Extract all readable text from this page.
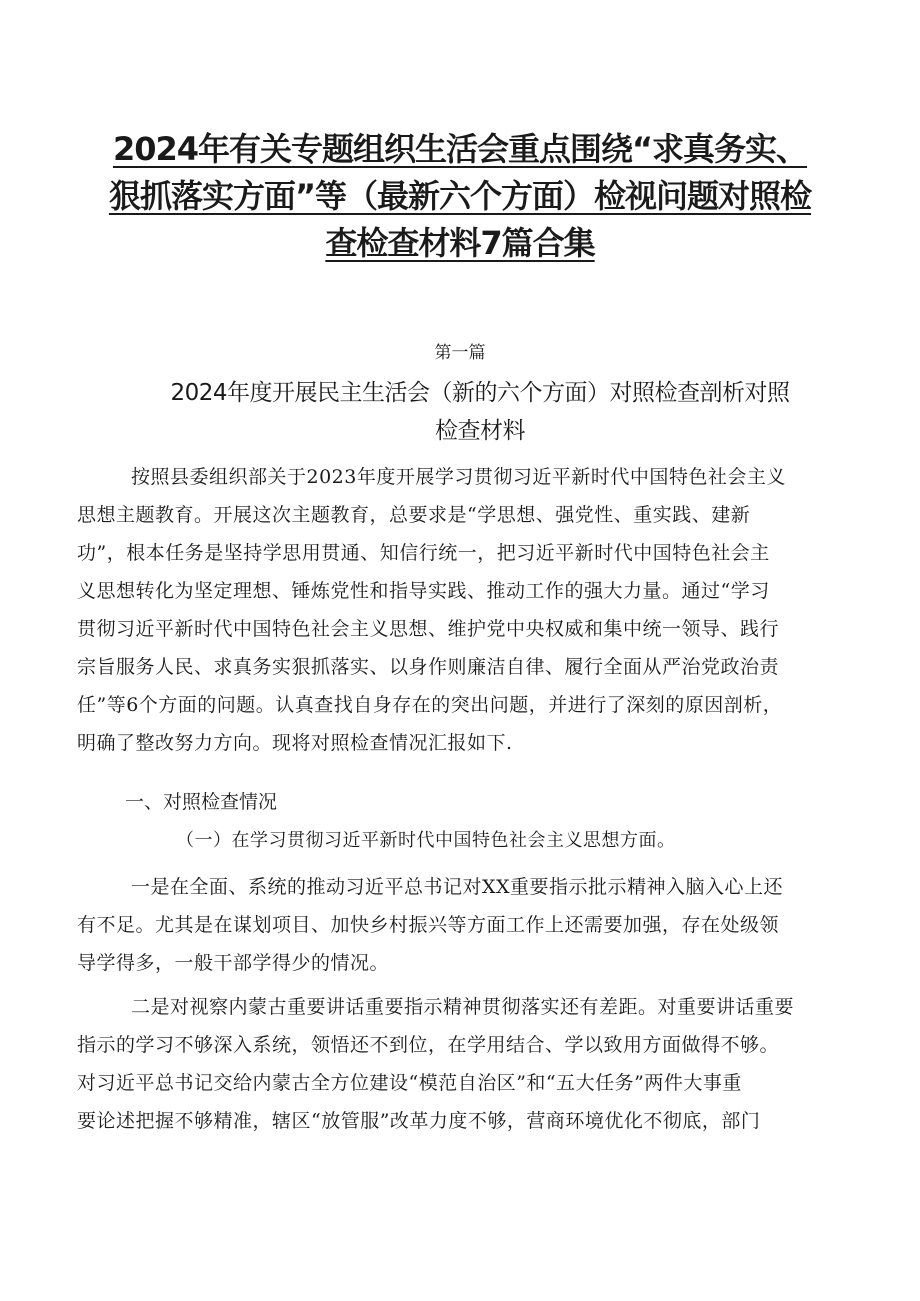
2024年有关专题组织生活会重点围绕“求真务实、
狠抓落实方面”等（最新六个方面）检视问题对照检
查检查材料7篇合集
第一篇
2024年度开展民主生活会（新的六个方面）对照检查剖析对照
检查材料
按照县委组织部关于2023年度开展学习贯彻习近平新时代中国特色社会主义
思想主题教育。开展这次主题教育，总要求是“学思想、强党性、重实践、建新
功”，根本任务是坚持学思用贯通、知信行统一，把习近平新时代中国特色社会主
义思想转化为坚定理想、锤炼党性和指导实践、推动工作的强大力量。通过“学习
贯彻习近平新时代中国特色社会主义思想、维护党中央权威和集中统一领导、践行
宗旨服务人民、求真务实狠抓落实、以身作则廉洁自律、履行全面从严治党政治责
任”等6个方面的问题。认真查找自身存在的突出问题，并进行了深刻的原因剖析，
明确了整改努力方向。现将对照检查情况汇报如下.
一、对照检查情况
（一）在学习贯彻习近平新时代中国特色社会主义思想方面。
一是在全面、系统的推动习近平总书记对XX重要指示批示精神入脑入心上还
有不足。尤其是在谋划项目、加快乡村振兴等方面工作上还需要加强，存在处级领
导学得多，一般干部学得少的情况。
二是对视察内蒙古重要讲话重要指示精神贯彻落实还有差距。对重要讲话重要
指示的学习不够深入系统，领悟还不到位，在学用结合、学以致用方面做得不够。
对习近平总书记交给内蒙古全方位建设“模范自治区”和“五大任务”两件大事重
要论述把握不够精准，辖区“放管服”改革力度不够，营商环境优化不彻底，部门
